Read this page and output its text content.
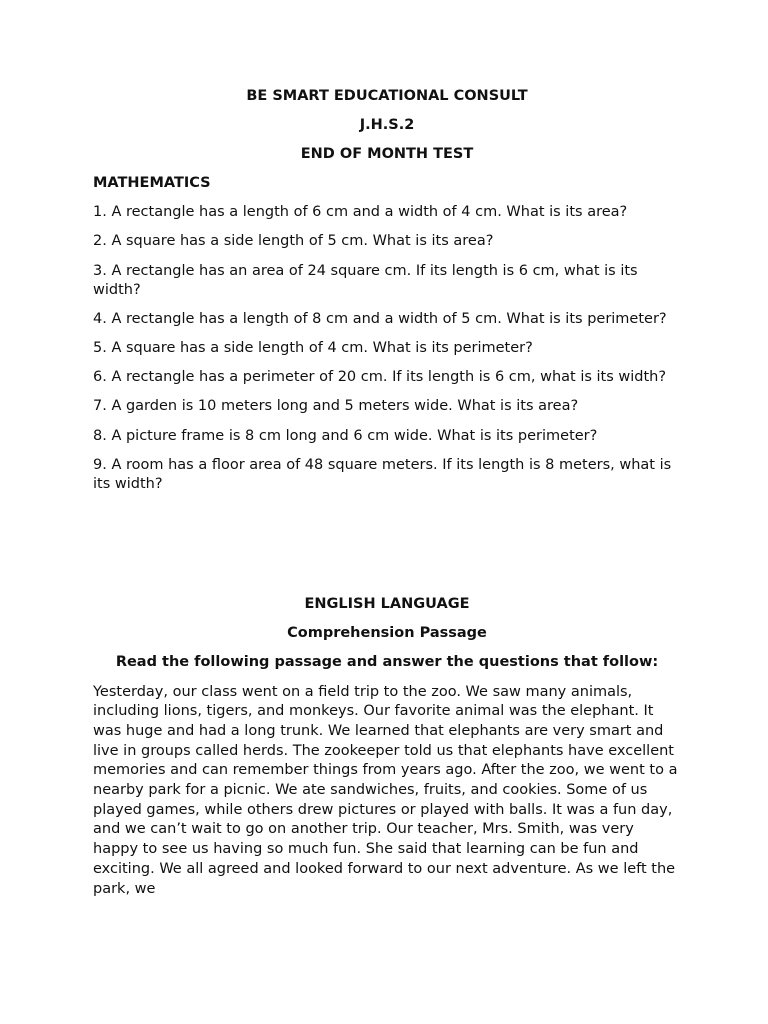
BE SMART EDUCATIONAL CONSULT

J.H.S.2

END OF MONTH TEST

MATHEMATICS

1. A rectangle has a length of 6 cm and a width of 4 cm. What is its area?

2. A square has a side length of 5 cm. What is its area?

3. A rectangle has an area of 24 square cm. If its length is 6 cm, what is its width?

4. A rectangle has a length of 8 cm and a width of 5 cm. What is its perimeter?

5. A square has a side length of 4 cm. What is its perimeter?

6. A rectangle has a perimeter of 20 cm. If its length is 6 cm, what is its width?

7. A garden is 10 meters long and 5 meters wide. What is its area?

8. A picture frame is 8 cm long and 6 cm wide. What is its perimeter?

9. A room has a floor area of 48 square meters. If its length is 8 meters, what is its width?

ENGLISH LANGUAGE

Comprehension Passage

Read the following passage and answer the questions that follow:

Yesterday, our class went on a field trip to the zoo. We saw many animals, including lions, tigers, and monkeys. Our favorite animal was the elephant. It was huge and had a long trunk. We learned that elephants are very smart and live in groups called herds. The zookeeper told us that elephants have excellent memories and can remember things from years ago. After the zoo, we went to a nearby park for a picnic. We ate sandwiches, fruits, and cookies. Some of us played games, while others drew pictures or played with balls. It was a fun day, and we can’t wait to go on another trip. Our teacher, Mrs. Smith, was very happy to see us having so much fun. She said that learning can be fun and exciting. We all agreed and looked forward to our next adventure. As we left the park, we
